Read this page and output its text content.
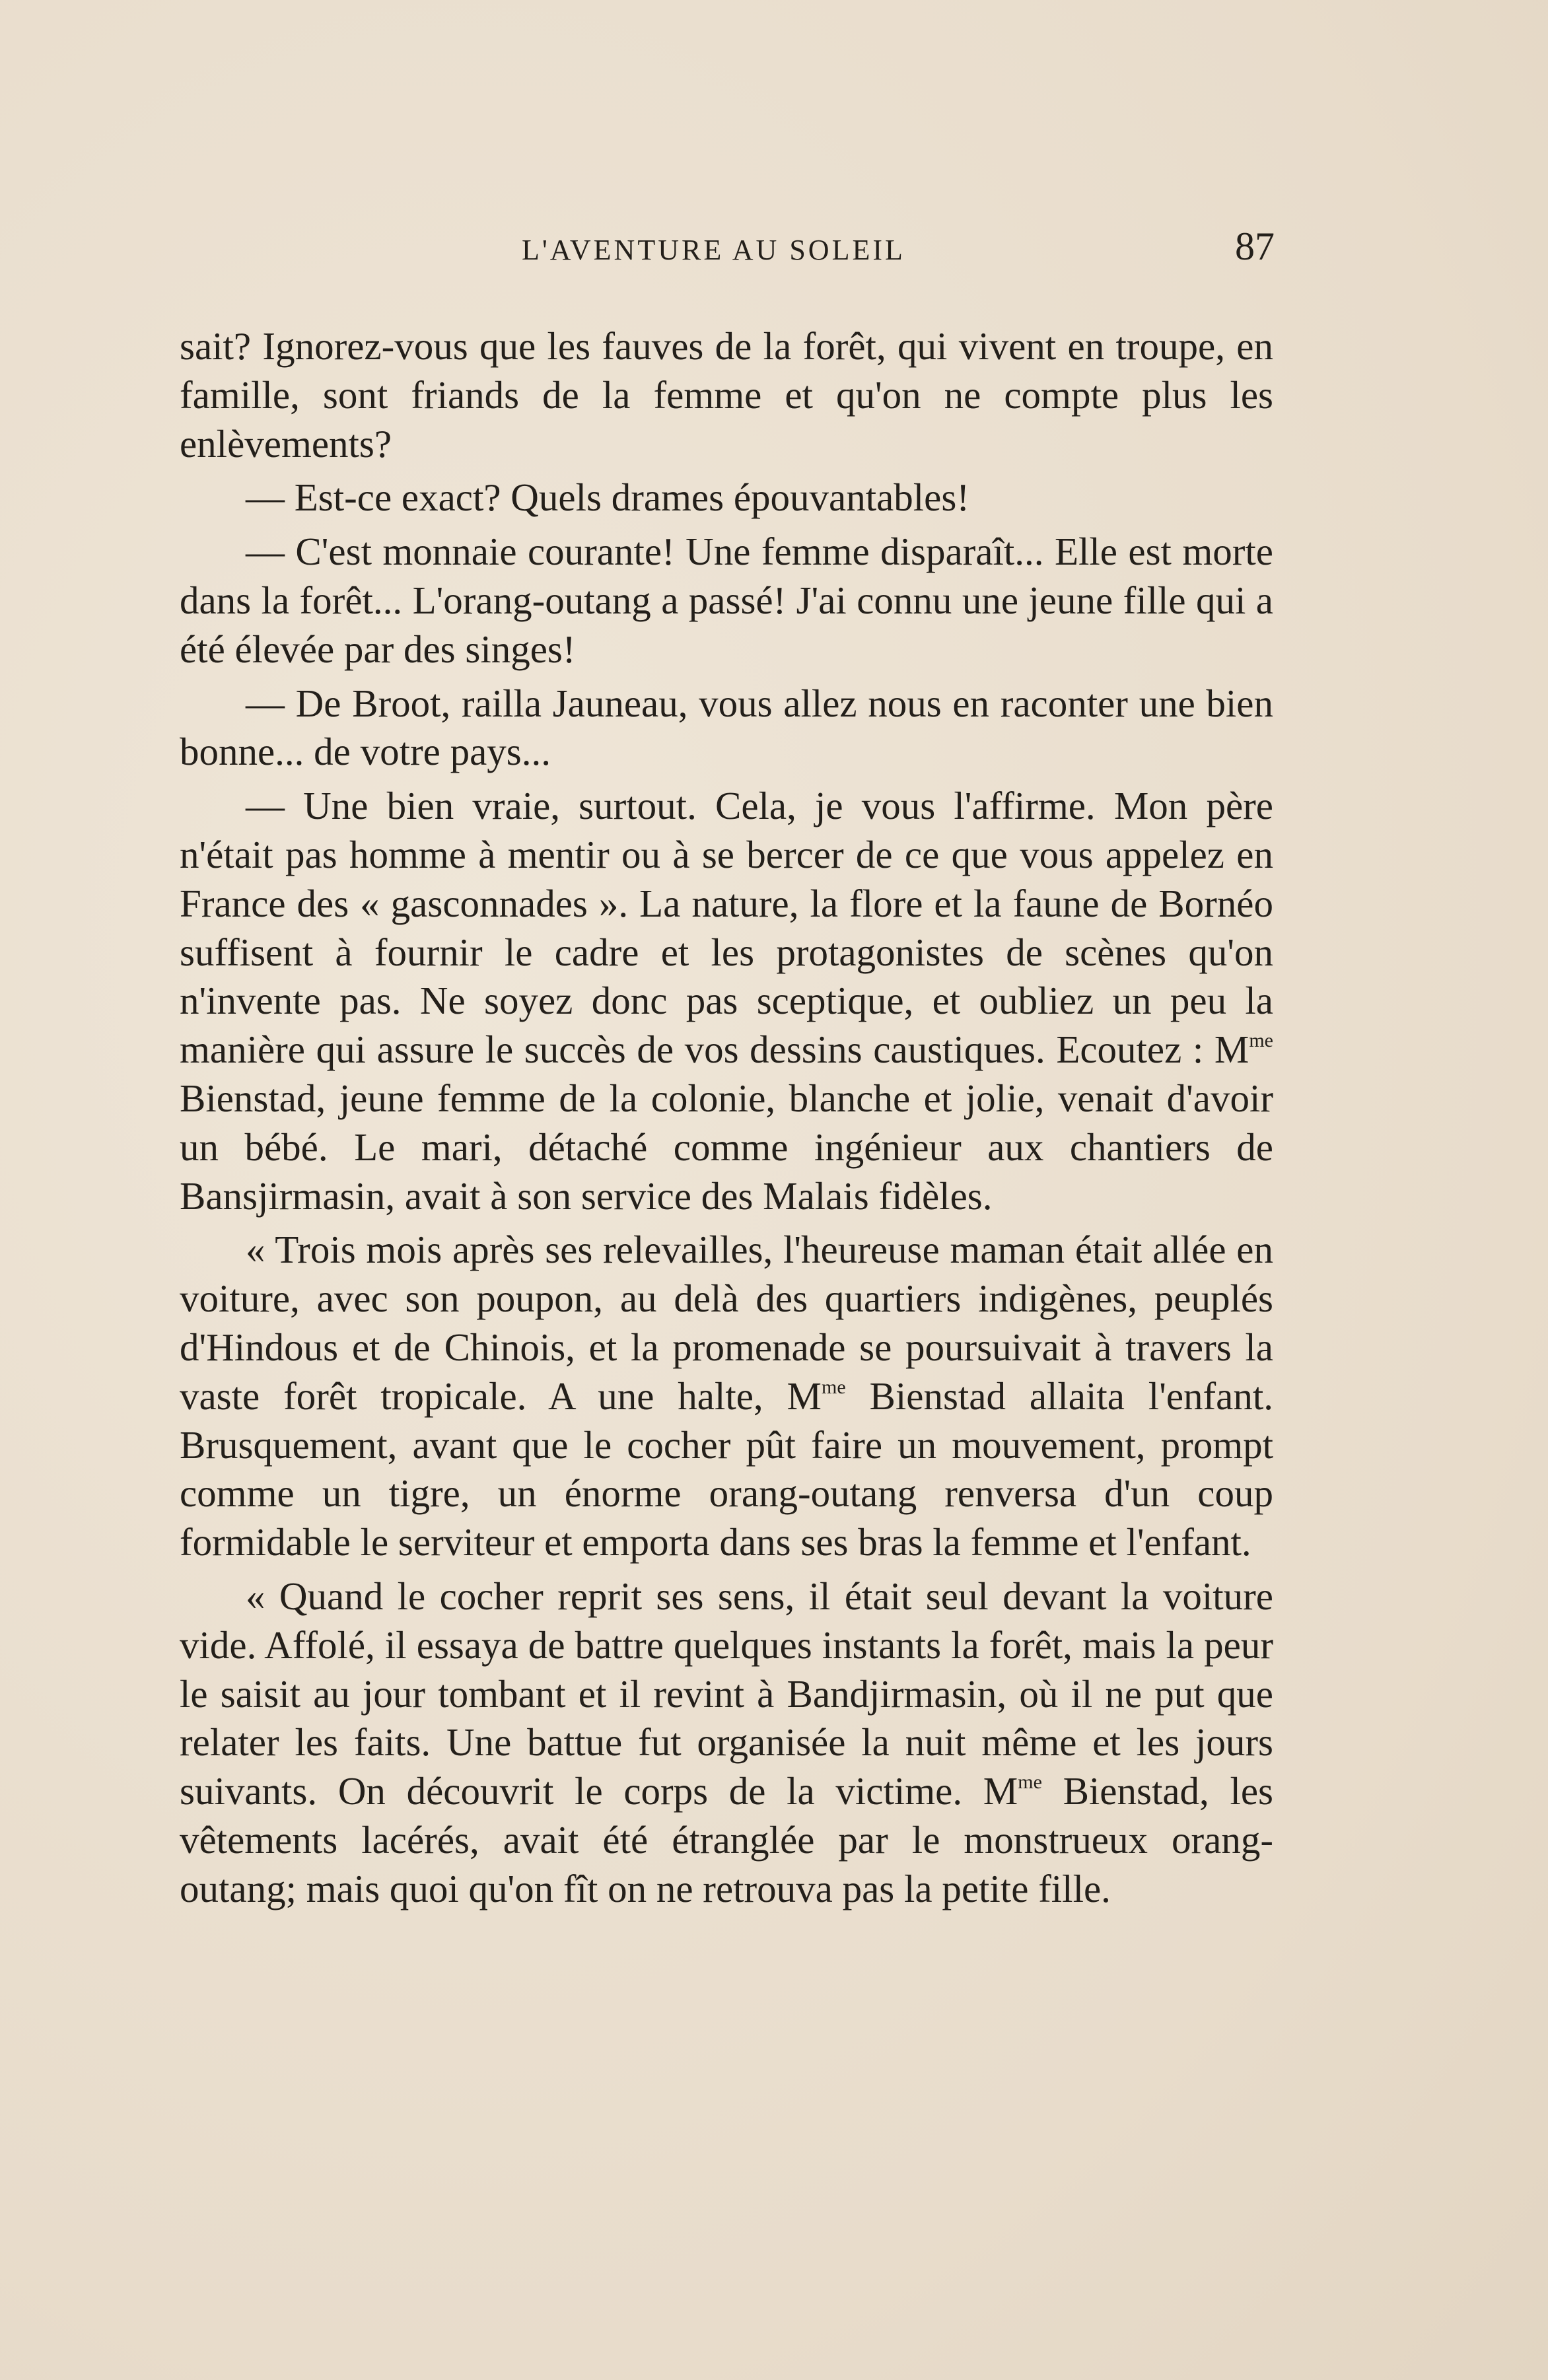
L'AVENTURE AU SOLEIL	87

sait? Ignorez-vous que les fauves de la forêt, qui vivent en troupe, en famille, sont friands de la femme et qu'on ne compte plus les enlèvements?

— Est-ce exact? Quels drames épouvantables!

— C'est monnaie courante! Une femme disparaît... Elle est morte dans la forêt... L'orang-outang a passé! J'ai connu une jeune fille qui a été élevée par des singes!

— De Broot, railla Jauneau, vous allez nous en raconter une bien bonne... de votre pays...

— Une bien vraie, surtout. Cela, je vous l'affirme. Mon père n'était pas homme à mentir ou à se bercer de ce que vous appelez en France des « gasconnades ». La nature, la flore et la faune de Bornéo suffisent à fournir le cadre et les protagonistes de scènes qu'on n'invente pas. Ne soyez donc pas sceptique, et oubliez un peu la manière qui assure le succès de vos dessins caustiques. Ecoutez : $M^{me}$ Bienstad, jeune femme de la colonie, blanche et jolie, venait d'avoir un bébé. Le mari, détaché comme ingénieur aux chantiers de Bansjirmasin, avait à son service des Malais fidèles.

« Trois mois après ses relevailles, l'heureuse maman était allée en voiture, avec son poupon, au delà des quartiers indigènes, peuplés d'Hindous et de Chinois, et la promenade se poursuivait à travers la vaste forêt tropicale. A une halte, $M^{me}$ Bienstad allaita l'enfant. Brusquement, avant que le cocher pût faire un mouvement, prompt comme un tigre, un énorme orang-outang renversa d'un coup formidable le serviteur et emporta dans ses bras la femme et l'enfant.

« Quand le cocher reprit ses sens, il était seul devant la voiture vide. Affolé, il essaya de battre quelques instants la forêt, mais la peur le saisit au jour tombant et il revint à Bandjirmasin, où il ne put que relater les faits. Une battue fut organisée la nuit même et les jours suivants. On découvrit le corps de la victime. $M^{me}$ Bienstad, les vêtements lacérés, avait été étranglée par le monstrueux orang-outang; mais quoi qu'on fît on ne retrouva pas la petite fille.
